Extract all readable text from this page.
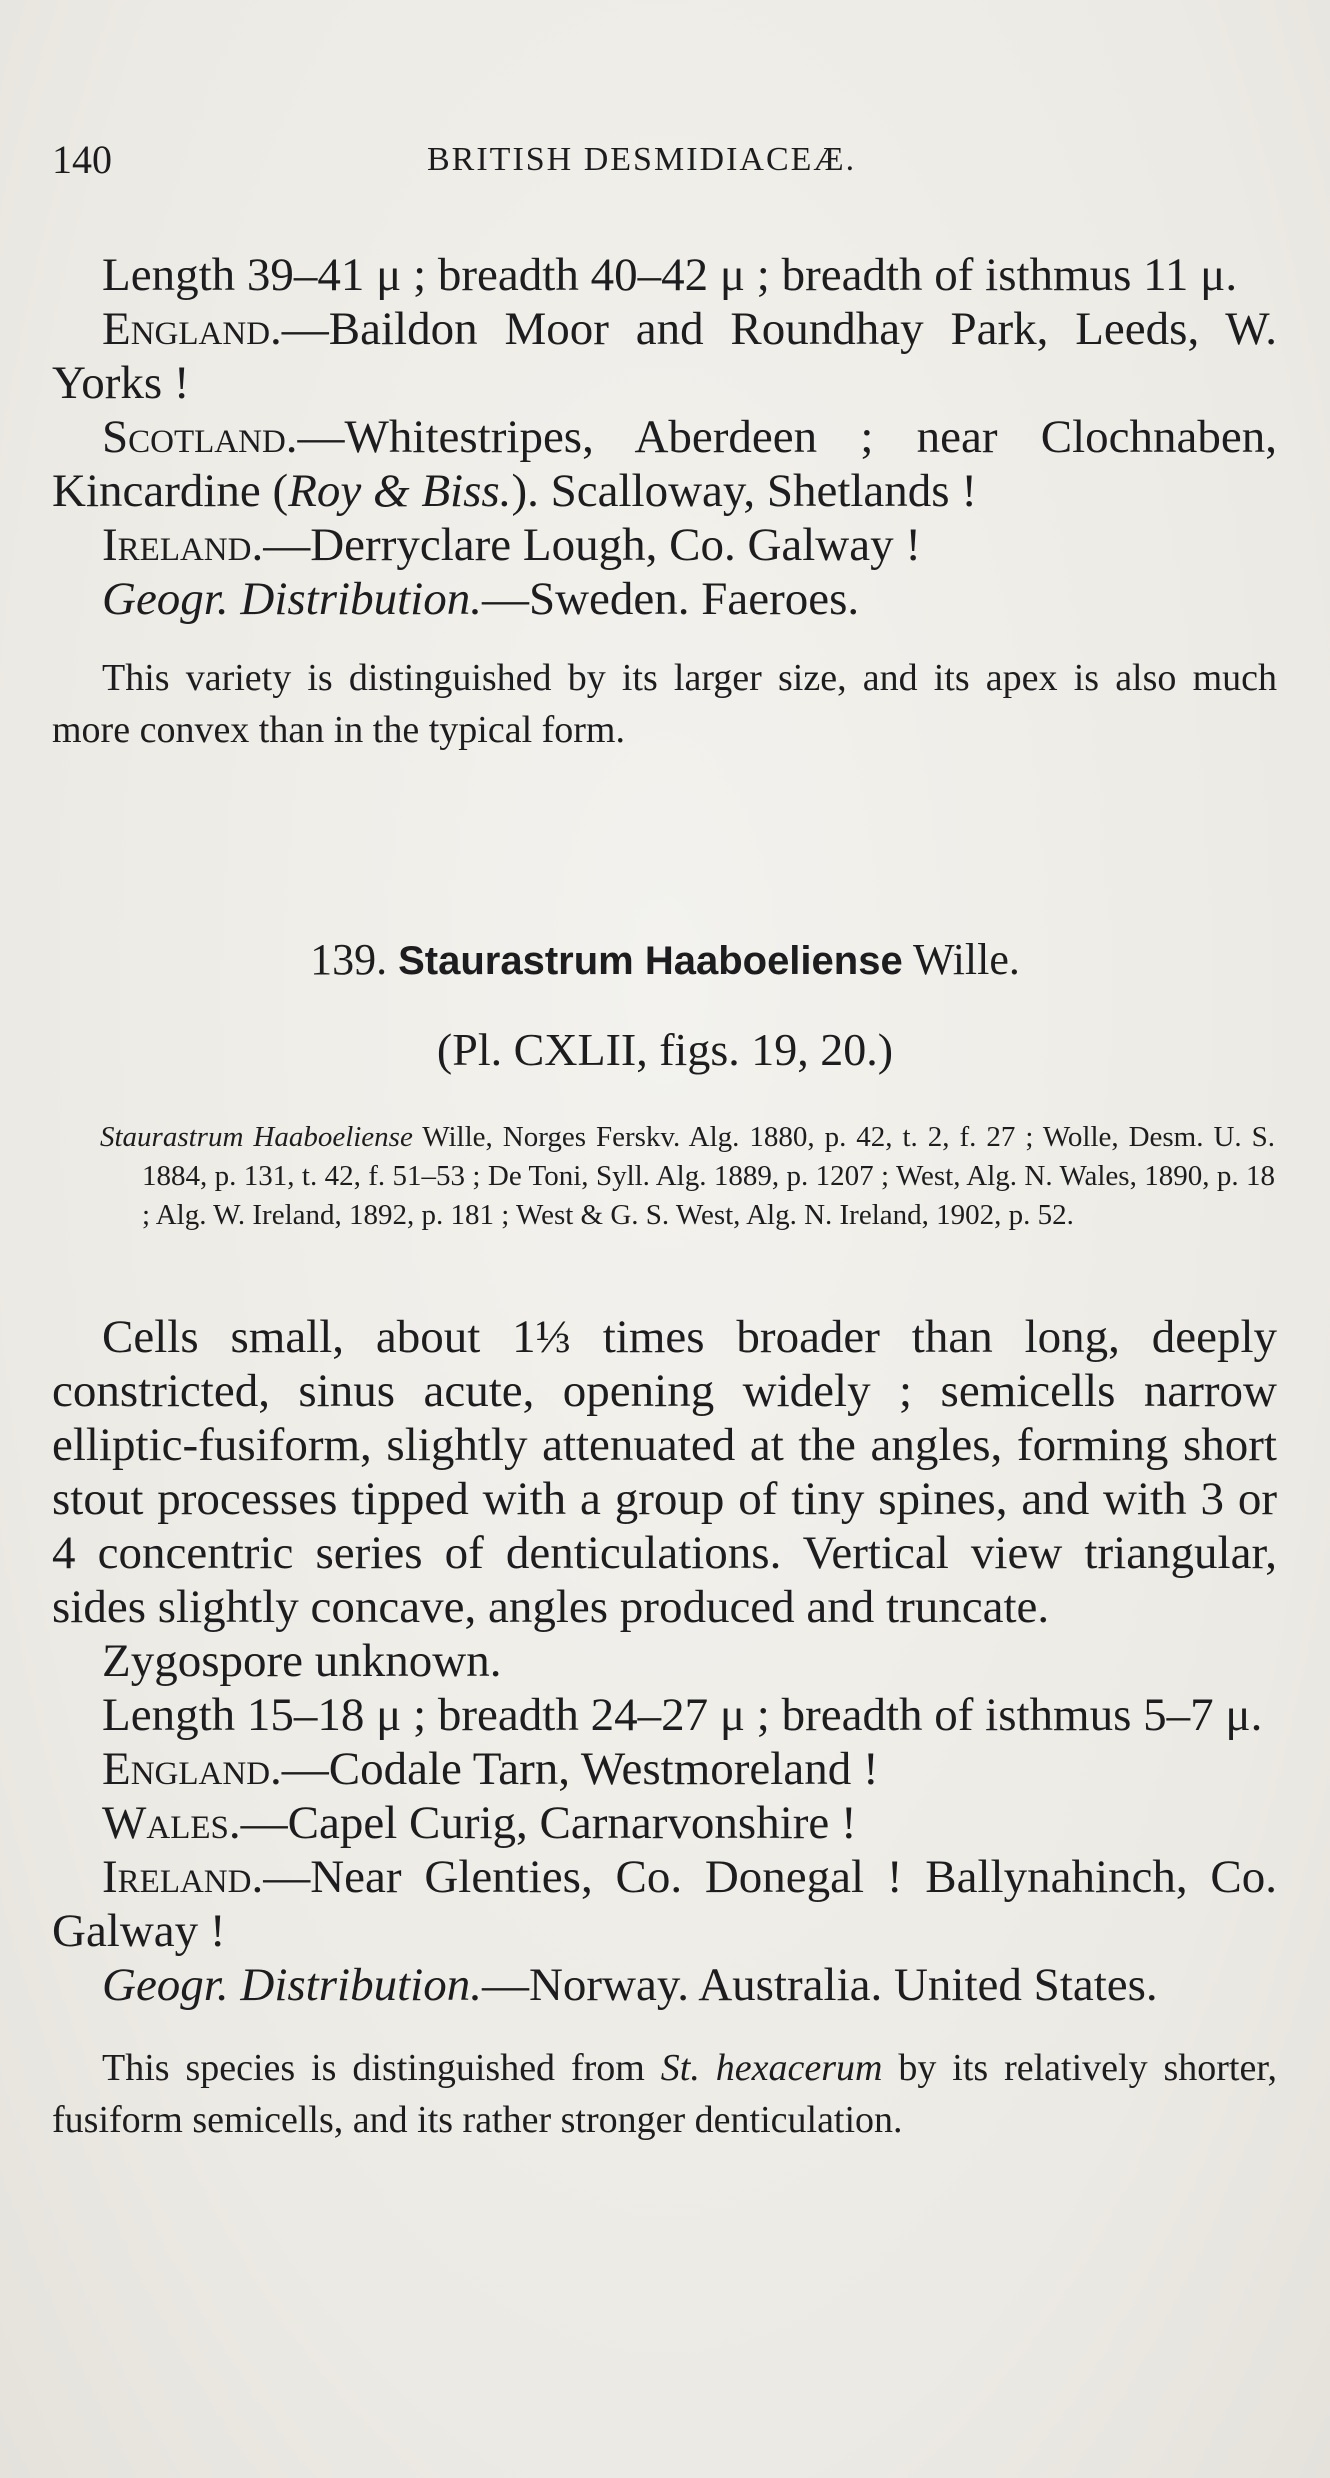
140	BRITISH DESMIDIACEÆ.

Length 39–41 μ ; breadth 40–42 μ ; breadth of isthmus 11 μ.

England.—Baildon Moor and Roundhay Park, Leeds, W. Yorks !

Scotland.—Whitestripes, Aberdeen ; near Clochnaben, Kincardine (Roy & Biss.). Scalloway, Shetlands !

Ireland.—Derryclare Lough, Co. Galway !

Geogr. Distribution.—Sweden. Faeroes.

This variety is distinguished by its larger size, and its apex is also much more convex than in the typical form.

139. Staurastrum Haaboeliense Wille.
(Pl. CXLII, figs. 19, 20.)

Staurastrum Haaboeliense Wille, Norges Ferskv. Alg. 1880, p. 42, t. 2, f. 27 ; Wolle, Desm. U. S. 1884, p. 131, t. 42, f. 51–53 ; De Toni, Syll. Alg. 1889, p. 1207 ; West, Alg. N. Wales, 1890, p. 18 ; Alg. W. Ireland, 1892, p. 181 ; West & G. S. West, Alg. N. Ireland, 1902, p. 52.

Cells small, about 1⅓ times broader than long, deeply constricted, sinus acute, opening widely ; semicells narrow elliptic-fusiform, slightly attenuated at the angles, forming short stout processes tipped with a group of tiny spines, and with 3 or 4 concentric series of denticulations. Vertical view triangular, sides slightly concave, angles produced and truncate.

Zygospore unknown.

Length 15–18 μ ; breadth 24–27 μ ; breadth of isthmus 5–7 μ.

England.—Codale Tarn, Westmoreland !

Wales.—Capel Curig, Carnarvonshire !

Ireland.—Near Glenties, Co. Donegal ! Ballynahinch, Co. Galway !

Geogr. Distribution.—Norway. Australia. United States.

This species is distinguished from St. hexacerum by its relatively shorter, fusiform semicells, and its rather stronger denticulation.
